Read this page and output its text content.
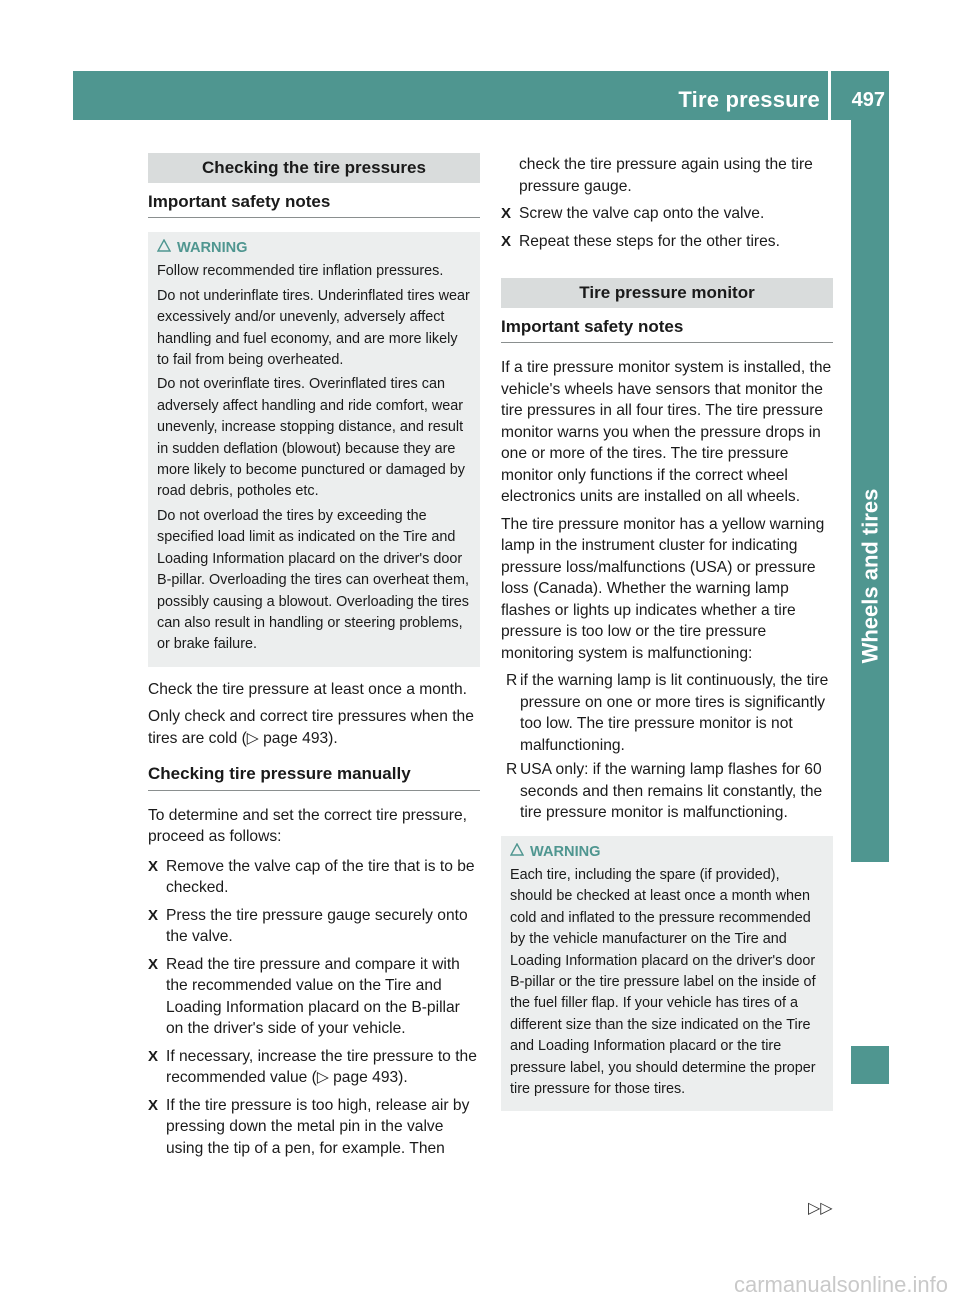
Tire pressure 497
Wheels and tires
Checking the tire pressures
Important safety notes
WARNING

Follow recommended tire inflation pressures.

Do not underinflate tires. Underinflated tires wear excessively and/or unevenly, adversely affect handling and fuel economy, and are more likely to fail from being overheated.

Do not overinflate tires. Overinflated tires can adversely affect handling and ride comfort, wear unevenly, increase stopping distance, and result in sudden deflation (blowout) because they are more likely to become punctured or damaged by road debris, potholes etc.

Do not overload the tires by exceeding the specified load limit as indicated on the Tire and Loading Information placard on the driver's door B-pillar. Overloading the tires can overheat them, possibly causing a blowout. Overloading the tires can also result in handling or steering problems, or brake failure.

Check the tire pressure at least once a month.

Only check and correct tire pressures when the tires are cold (▷ page 493).

Checking tire pressure manually

To determine and set the correct tire pressure, proceed as follows:

X Remove the valve cap of the tire that is to be checked.
X Press the tire pressure gauge securely onto the valve.
X Read the tire pressure and compare it with the recommended value on the Tire and Loading Information placard on the B-pillar on the driver's side of your vehicle.
X If necessary, increase the tire pressure to the recommended value (▷ page 493).
X If the tire pressure is too high, release air by pressing down the metal pin in the valve using the tip of a pen, for example. Then

check the tire pressure again using the tire pressure gauge.

X Screw the valve cap onto the valve.
X Repeat these steps for the other tires.
Tire pressure monitor
Important safety notes

If a tire pressure monitor system is installed, the vehicle's wheels have sensors that monitor the tire pressures in all four tires. The tire pressure monitor warns you when the pressure drops in one or more of the tires. The tire pressure monitor only functions if the correct wheel electronics units are installed on all wheels.

The tire pressure monitor has a yellow warning lamp in the instrument cluster for indicating pressure loss/malfunctions (USA) or pressure loss (Canada). Whether the warning lamp flashes or lights up indicates whether a tire pressure is too low or the tire pressure monitoring system is malfunctioning:

R if the warning lamp is lit continuously, the tire pressure on one or more tires is significantly too low. The tire pressure monitor is not malfunctioning.
R USA only: if the warning lamp flashes for 60 seconds and then remains lit constantly, the tire pressure monitor is malfunctioning.
WARNING

Each tire, including the spare (if provided), should be checked at least once a month when cold and inflated to the pressure recommended by the vehicle manufacturer on the Tire and Loading Information placard on the driver's door B-pillar or the tire pressure label on the inside of the fuel filler flap. If your vehicle has tires of a different size than the size indicated on the Tire and Loading Information placard or the tire pressure label, you should determine the proper tire pressure for those tires.

▷▷
carmanualsonline.info
